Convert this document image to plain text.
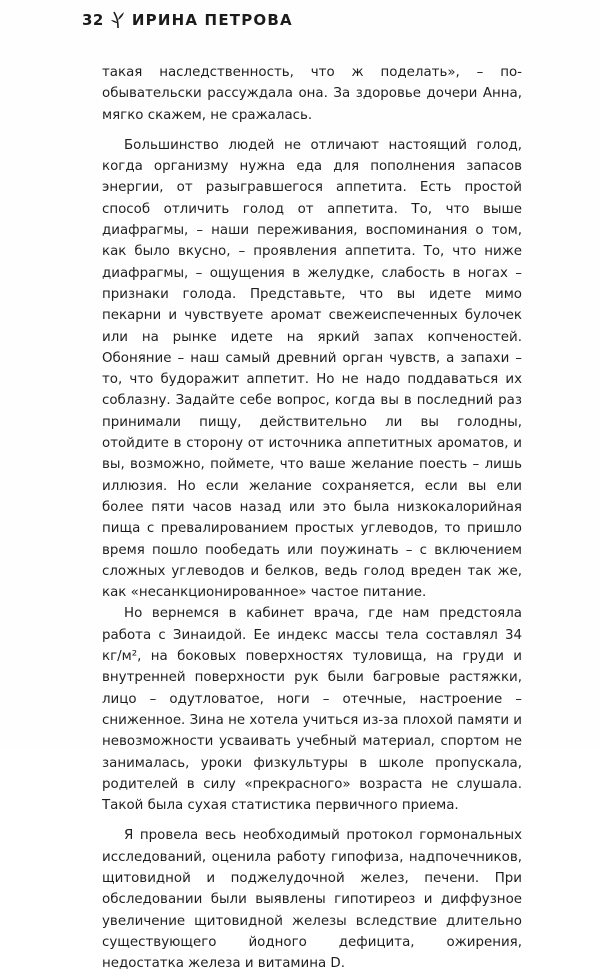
32 ИРИНА ПЕТРОВА

такая наследственность, что ж поделать», – по-обывательски рассуждала она. За здоровье дочери Анна, мягко скажем, не сражалась.

Большинство людей не отличают настоящий голод, когда организму нужна еда для пополнения запасов энергии, от разыгравшегося аппетита. Есть простой способ отличить голод от аппетита. То, что выше диафрагмы, – наши переживания, воспоминания о том, как было вкусно, – проявления аппетита. То, что ниже диафрагмы, – ощущения в желудке, слабость в ногах – признаки голода. Представьте, что вы идете мимо пекарни и чувствуете аромат свежеиспеченных булочек или на рынке идете на яркий запах копченостей. Обоняние – наш самый древний орган чувств, а запахи – то, что будоражит аппетит. Но не надо поддаваться их соблазну. Задайте себе вопрос, когда вы в последний раз принимали пищу, действительно ли вы голодны, отойдите в сторону от источника аппетитных ароматов, и вы, возможно, поймете, что ваше желание поесть – лишь иллюзия. Но если желание сохраняется, если вы ели более пяти часов назад или это была низкокалорийная пища с превалированием простых углеводов, то пришло время пошло пообедать или поужинать – с включением сложных углеводов и белков, ведь голод вреден так же, как «несанкционированное» частое питание.

Но вернемся в кабинет врача, где нам предстояла работа с Зинаидой. Ее индекс массы тела составлял 34 кг/м², на боковых поверхностях туловища, на груди и внутренней поверхности рук были багровые растяжки, лицо – одутловатое, ноги – отечные, настроение – сниженное. Зина не хотела учиться из-за плохой памяти и невозможности усваивать учебный материал, спортом не занималась, уроки физкультуры в школе пропускала, родителей в силу «прекрасного» возраста не слушала. Такой была сухая статистика первичного приема.

Я провела весь необходимый протокол гормональных исследований, оценила работу гипофиза, надпочечников, щитовидной и поджелудочной желез, печени. При обследовании были выявлены гипотиреоз и диффузное увеличение щитовидной железы вследствие длительно существующего йодного дефицита, ожирения, недостатка железа и витамина D.
